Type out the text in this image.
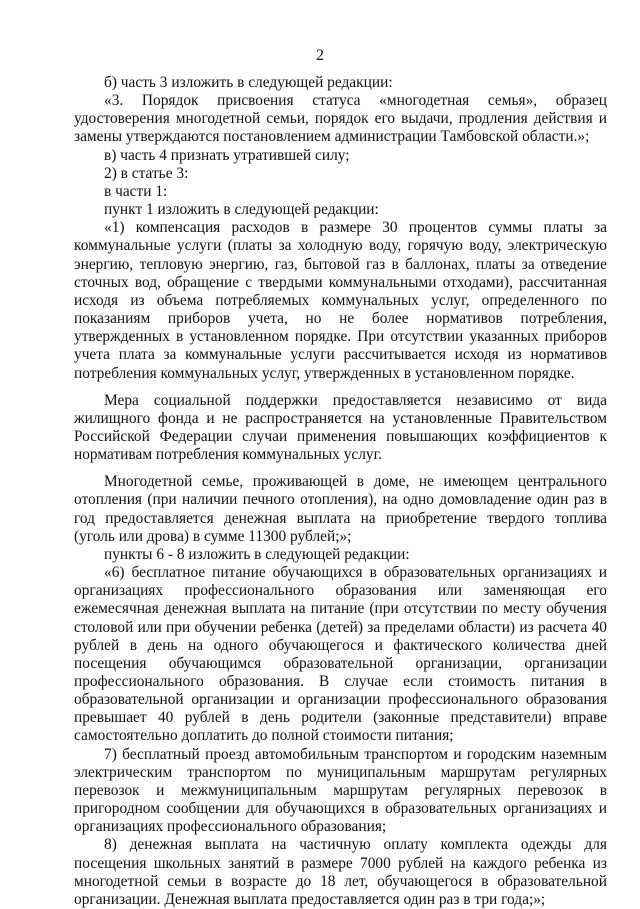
2

б) часть 3 изложить в следующей редакции:

«3. Порядок присвоения статуса «многодетная семья», образец удостоверения многодетной семьи, порядок его выдачи, продления действия и замены утверждаются постановлением администрации Тамбовской области.»;

в) часть 4 признать утратившей силу;

2) в статье 3:

в части 1:

пункт 1 изложить в следующей редакции:

«1) компенсация расходов в размере 30 процентов суммы платы за коммунальные услуги (платы за холодную воду, горячую воду, электрическую энергию, тепловую энергию, газ, бытовой газ в баллонах, платы за отведение сточных вод, обращение с твердыми коммунальными отходами), рассчитанная исходя из объема потребляемых коммунальных услуг, определенного по показаниям приборов учета, но не более нормативов потребления, утвержденных в установленном порядке. При отсутствии указанных приборов учета плата за коммунальные услуги рассчитывается исходя из нормативов потребления коммунальных услуг, утвержденных в установленном порядке.

Мера социальной поддержки предоставляется независимо от вида жилищного фонда и не распространяется на установленные Правительством Российской Федерации случаи применения повышающих коэффициентов к нормативам потребления коммунальных услуг.

Многодетной семье, проживающей в доме, не имеющем центрального отопления (при наличии печного отопления), на одно домовладение один раз в год предоставляется денежная выплата на приобретение твердого топлива (уголь или дрова) в сумме 11300 рублей;»;

пункты 6 - 8 изложить в следующей редакции:

«6) бесплатное питание обучающихся в образовательных организациях и организациях профессионального образования или заменяющая его ежемесячная денежная выплата на питание (при отсутствии по месту обучения столовой или при обучении ребенка (детей) за пределами области) из расчета 40 рублей в день на одного обучающегося и фактического количества дней посещения обучающимся образовательной организации, организации профессионального образования. В случае если стоимость питания в образовательной организации и организации профессионального образования превышает 40 рублей в день родители (законные представители) вправе самостоятельно доплатить до полной стоимости питания;

7) бесплатный проезд автомобильным транспортом и городским наземным электрическим транспортом по муниципальным маршрутам регулярных перевозок и межмуниципальным маршрутам регулярных перевозок в пригородном сообщении для обучающихся в образовательных организациях и организациях профессионального образования;

8) денежная выплата на частичную оплату комплекта одежды для посещения школьных занятий в размере 7000 рублей на каждого ребенка из многодетной семьи в возрасте до 18 лет, обучающегося в образовательной организации. Денежная выплата предоставляется один раз в три года;»;
